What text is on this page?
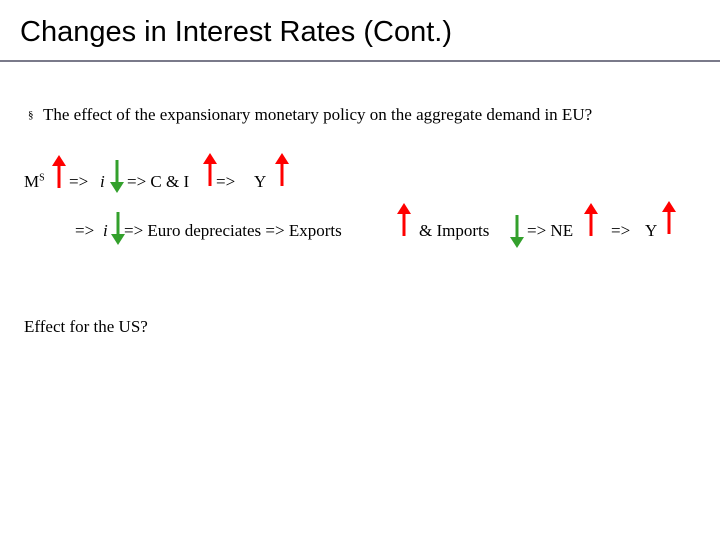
Changes in Interest Rates (Cont.)
§ The effect of the expansionary monetary policy on the aggregate demand in EU?
$M^S => i => C$ & I => Y
=> i => Euro depreciates => Exports	& Imports => NE => Y
Effect for the US?
